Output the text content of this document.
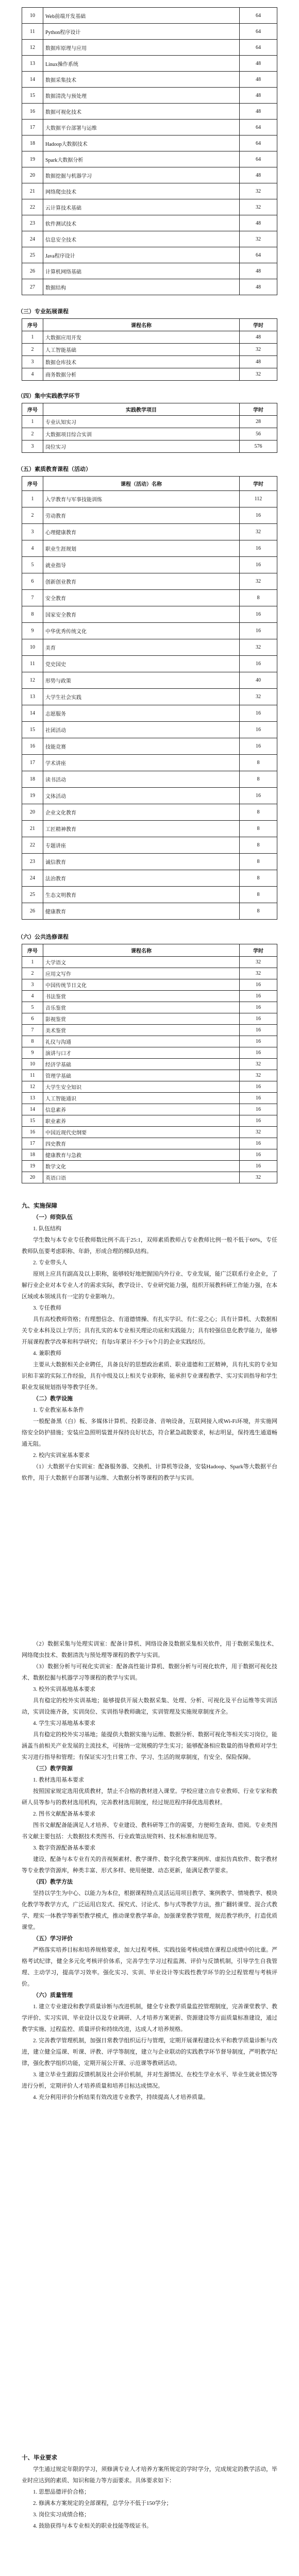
10	Web前端开发基础	64
11	Python程序设计	64
12	数据库原理与应用	64
13	Linux操作系统	48
14	数据采集技术	48
15	数据清洗与预处理	48
16	数据可视化技术	48
17	大数据平台部署与运维	64
18	Hadoop大数据技术	64
19	Spark大数据分析	64
20	数据挖掘与机器学习	48
21	网络爬虫技术	32
22	云计算技术基础	32
23	软件测试技术	48
24	信息安全技术	32
25	Java程序设计	64
26	计算机网络基础	48
27	数据结构	48
（三）专业拓展课程
序号	课程名称	学时
1	大数据应用开发	48
2	人工智能基础	32
3	数据仓库技术	48
4	商务数据分析	32
（四）集中实践教学环节
序号	实践教学项目	学时
1	专业认知实习	28
2	大数据项目综合实训	56
3	岗位实习	576
（五）素质教育课程（活动）
序号	课程（活动）名称	学时
1	入学教育与军事技能训练	112
2	劳动教育	16
3	心理健康教育	32
4	职业生涯规划	16
5	就业指导	16
6	创新创业教育	32
7	安全教育	8
8	国家安全教育	16
9	中华优秀传统文化	16
10	美育	32
11	党史国史	16
12	形势与政策	40
13	大学生社会实践	32
14	志愿服务	16
15	社团活动	16
16	技能竞赛	16
17	学术讲座	8
18	读书活动	8
19	文体活动	16
20	企业文化教育	8
21	工匠精神教育	8
22	专题讲座	8
23	诚信教育	8
24	法治教育	8
25	生态文明教育	8
26	健康教育	8
（六）公共选修课程
序号	课程名称	学时
1	大学语文	32
2	应用文写作	32
3	中国传统节日文化	16
4	书法鉴赏	16
5	音乐鉴赏	16
6	影视鉴赏	16
7	美术鉴赏	16
8	礼仪与沟通	16
9	演讲与口才	16
10	经济学基础	32
11	管理学基础	32
12	大学生安全知识	16
13	人工智能通识	16
14	信息素养	16
15	职业素养	16
16	中国近现代史纲要	32
17	四史教育	16
18	健康教育与急救	16
19	数学文化	16
20	英语口语	32
九、实施保障
（一）师资队伍
1. 队伍结构
学生数与本专业专任教师数比例不高于25:1，双师素质教师占专业教师比例一般不低于60%，专任教师队伍要考虑职称、年龄，形成合理的梯队结构。
2. 专业带头人
原则上应具有副高及以上职称，能够较好地把握国内外行业、专业发展，能广泛联系行业企业，了解行业企业对本专业人才的需求实际，教学设计、专业研究能力强，组织开展教科研工作能力强，在本区域或本领域具有一定的专业影响力。
3. 专任教师
具有高校教师资格；有理想信念、有道德情操、有扎实学识、有仁爱之心；具有计算机、大数据相关专业本科及以上学历；具有扎实的本专业相关理论功底和实践能力；具有较强信息化教学能力，能够开展课程教学改革和科学研究；有每5年累计不少于6个月的企业实践经历。
4. 兼职教师
主要从大数据相关企业聘任，具备良好的思想政治素质、职业道德和工匠精神，具有扎实的专业知识和丰富的实际工作经验，具有中级及以上相关专业职称，能承担专业课程教学、实习实训指导和学生职业发展规划指导等教学任务。
（二）教学设施
1. 专业教室基本条件
一般配备黑（白）板、多媒体计算机、投影设备、音响设备，互联网接入或Wi-Fi环境，并实施网络安全防护措施；安装应急照明装置并保持良好状态，符合紧急疏散要求，标志明显，保持逃生通道畅通无阻。
2. 校内实训室基本要求
（1）大数据平台实训室：配备服务器、交换机、计算机等设备，安装Hadoop、Spark等大数据平台软件，用于大数据平台部署与运维、大数据分析等课程的教学与实训。
（2）数据采集与处理实训室：配备计算机、网络设备及数据采集相关软件，用于数据采集技术、网络爬虫技术、数据清洗与预处理等课程的教学与实训。
（3）数据分析与可视化实训室：配备高性能计算机、数据分析与可视化软件，用于数据可视化技术、数据挖掘与机器学习等课程的教学与实训。
3. 校外实训基地基本要求
具有稳定的校外实训基地；能够提供开展大数据采集、处理、分析、可视化及平台运维等实训活动，实训设施齐备，实训岗位、实训指导教师确定，实训管理及实施规章制度齐全。
4. 学生实习基地基本要求
具有稳定的校外实习基地；能提供大数据实施与运维、数据分析、数据可视化等相关实习岗位，能涵盖当前相关产业发展的主流技术，可接纳一定规模的学生实习；能够配备相应数量的指导教师对学生实习进行指导和管理；有保证实习生日常工作、学习、生活的规章制度，有安全、保险保障。
（三）教学资源
1. 教材选用基本要求
按照国家规定选用优质教材，禁止不合格的教材进入课堂。学校应建立由专业教师、行业专家和教研人员等参与的教材选用机构，完善教材选用制度，经过规范程序择优选用教材。
2. 图书文献配备基本要求
图书文献配备能满足人才培养、专业建设、教科研等工作的需要，方便师生查询、借阅。专业类图书文献主要包括：大数据技术类图书、行业政策法规资料、技术标准和规范等。
3. 数字资源配备基本要求
建设、配备与本专业有关的音视频素材、教学课件、数字化教学案例库、虚拟仿真软件、数字教材等专业教学资源库，种类丰富、形式多样、使用便捷、动态更新，能满足教学要求。
（四）教学方法
坚持以学生为中心、以能力为本位，根据课程特点灵活运用项目教学、案例教学、情境教学、模块化教学等教学方式，广泛运用启发式、探究式、讨论式、参与式等教学方法，推广翻转课堂、混合式教学、理实一体教学等新型教学模式，推动课堂教学革命。加强课堂教学管理，规范教学秩序，打造优质课堂。
（五）学习评价
严格落实培养目标和培养规格要求，加大过程考核、实践技能考核成绩在课程总成绩中的比重。严格考试纪律，健全多元化考核评价体系，完善学生学习过程监测、评价与反馈机制，引导学生自我管理、主动学习，提高学习效率。强化实习、实训、毕业设计等实践性教学环节的全过程管理与考核评价。
（六）质量管理
1. 建立专业建设和教学质量诊断与改进机制，健全专业教学质量监控管理制度，完善课堂教学、教学评价、实习实训、毕业设计以及专业调研、人才培养方案更新、资源建设等方面质量标准建设，通过教学实施、过程监控、质量评价和持续改进，达成人才培养规格。
2. 完善教学管理机制，加强日常教学组织运行与管理，定期开展课程建设水平和教学质量诊断与改进，建立健全巡课、听课、评教、评学等制度，建立与企业联动的实践教学环节督导制度，严明教学纪律，强化教学组织功能，定期开展公开课、示范课等教研活动。
3. 建立毕业生跟踪反馈机制及社会评价机制，并对生源情况、在校生学业水平、毕业生就业情况等进行分析，定期评价人才培养质量和培养目标达成情况。
4. 充分利用评价分析结果有效改进专业教学，持续提高人才培养质量。
十、毕业要求
学生通过规定年限的学习，须修满专业人才培养方案所规定的学时学分，完成规定的教学活动，毕业时应达到的素质、知识和能力等方面要求。具体要求如下：
1. 思想品德评价合格；
2. 修满本方案规定的全部课程，总学分不低于150学分；
3. 岗位实习成绩合格；
4. 鼓励获得与本专业相关的职业技能等级证书。
